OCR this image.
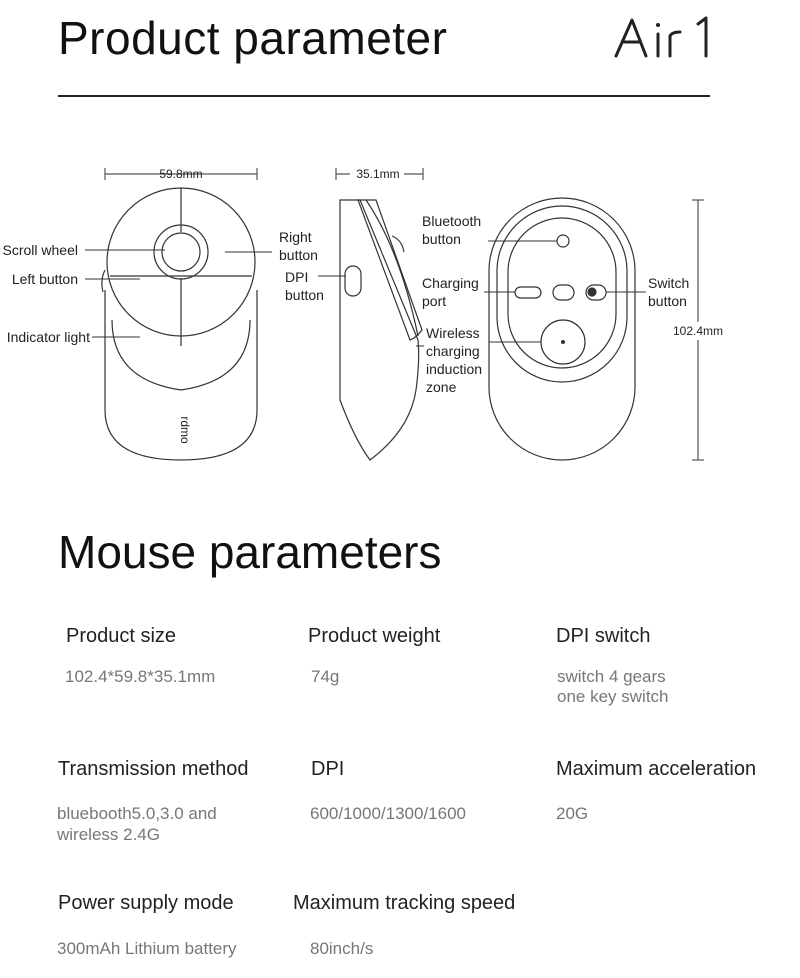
Product parameter
59.8mm
rdmo
Scroll wheel
Left button
Indicator light
Right
button
35.1mm
DPI
button
102.4mm
Bluetooth
button
Charging
port
Wireless
charging
induction
zone
Switch
button
Mouse parameters
Product size
102.4*59.8*35.1mm
Product weight
74g
DPI switch
switch 4 gears
one key switch
Transmission method
bluebooth5.0,3.0 and
wireless 2.4G
DPI
600/1000/1300/1600
Maximum acceleration
20G
Power supply mode
300mAh Lithium battery
Maximum tracking speed
80inch/s
